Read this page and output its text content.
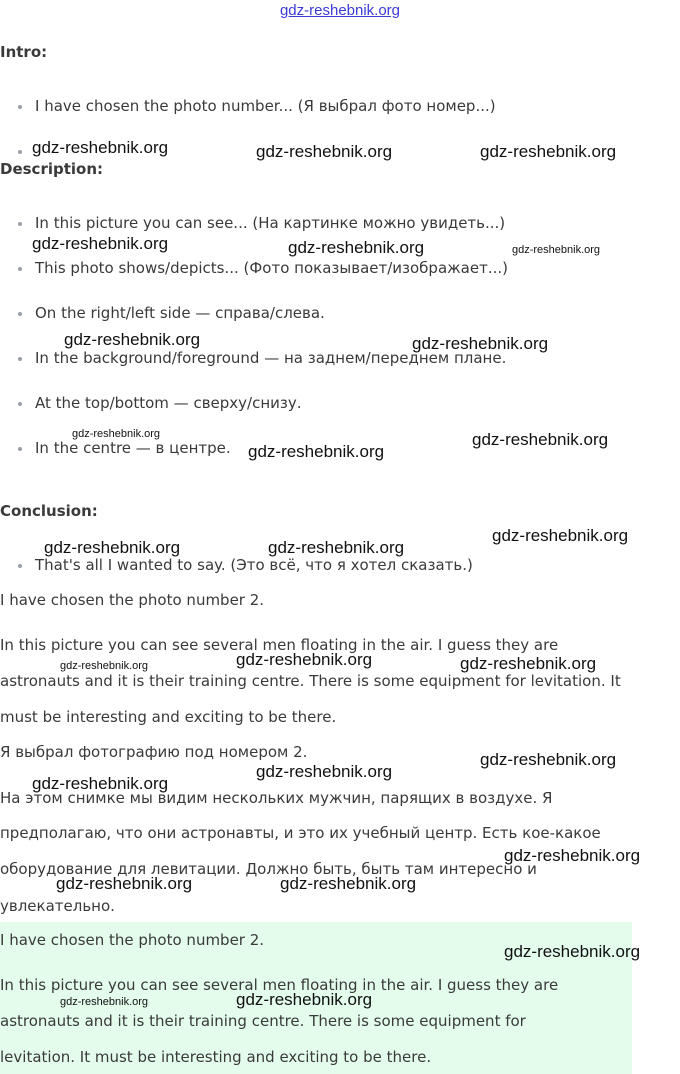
gdz-reshebnik.org

Intro:

I have chosen the photo number... (Я выбрал фото номер...)

Description:

In this picture you can see... (На картинке можно увидеть...)

This photo shows/depicts... (Фото показывает/изображает...)

On the right/left side — справа/слева.

In the background/foreground — на заднем/переднем плане.

At the top/bottom — сверху/снизу.

In the centre — в центре.

Conclusion:

That's all I wanted to say. (Это всё, что я хотел сказать.)

I have chosen the photo number 2.

In this picture you can see several men floating in the air. I guess they are

astronauts and it is their training centre. There is some equipment for levitation. It

must be interesting and exciting to be there.

Я выбрал фотографию под номером 2.

На этом снимке мы видим нескольких мужчин, парящих в воздухе. Я

предполагаю, что они астронавты, и это их учебный центр. Есть кое-какое

оборудование для левитации. Должно быть, быть там интересно и

увлекательно.

I have chosen the photo number 2.

In this picture you can see several men floating in the air. I guess they are

astronauts and it is their training centre. There is some equipment for

levitation. It must be interesting and exciting to be there.

gdz-reshebnik.org	gdz-reshebnik.org	gdz-reshebnik.org

gdz-reshebnik.org	gdz-reshebnik.org	gdz-reshebnik.org

gdz-reshebnik.org	gdz-reshebnik.org

gdz-reshebnik.org	gdz-reshebnik.org

gdz-reshebnik.org

gdz-reshebnik.org

gdz-reshebnik.org	gdz-reshebnik.org

gdz-reshebnik.org

gdz-reshebnik.org	gdz-reshebnik.org

gdz-reshebnik.org

gdz-reshebnik.org

gdz-reshebnik.org

gdz-reshebnik.org

gdz-reshebnik.org	gdz-reshebnik.org

gdz-reshebnik.org

gdz-reshebnik.org	gdz-reshebnik.org
